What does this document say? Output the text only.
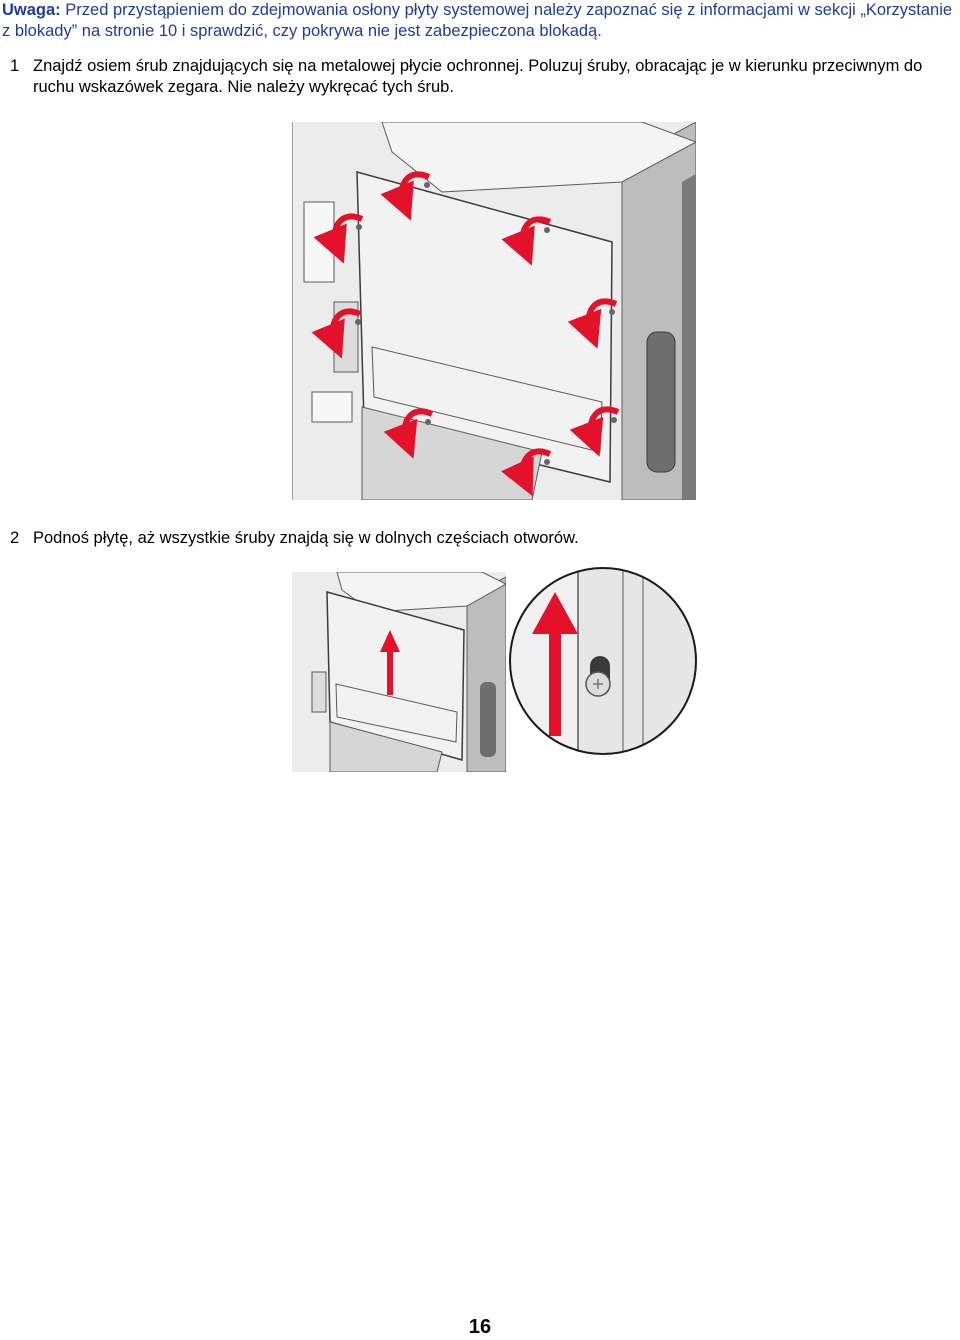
Uwaga: Przed przystąpieniem do zdejmowania osłony płyty systemowej należy zapoznać się z informacjami w sekcji „Korzystanie z blokady” na stronie 10 i sprawdzić, czy pokrywa nie jest zabezpieczona blokadą.
1 Znajdź osiem śrub znajdujących się na metalowej płycie ochronnej. Poluzuj śruby, obracając je w kierunku przeciwnym do ruchu wskazówek zegara. Nie należy wykręcać tych śrub.
2 Podnoś płytę, aż wszystkie śruby znajdą się w dolnych częściach otworów.
16
